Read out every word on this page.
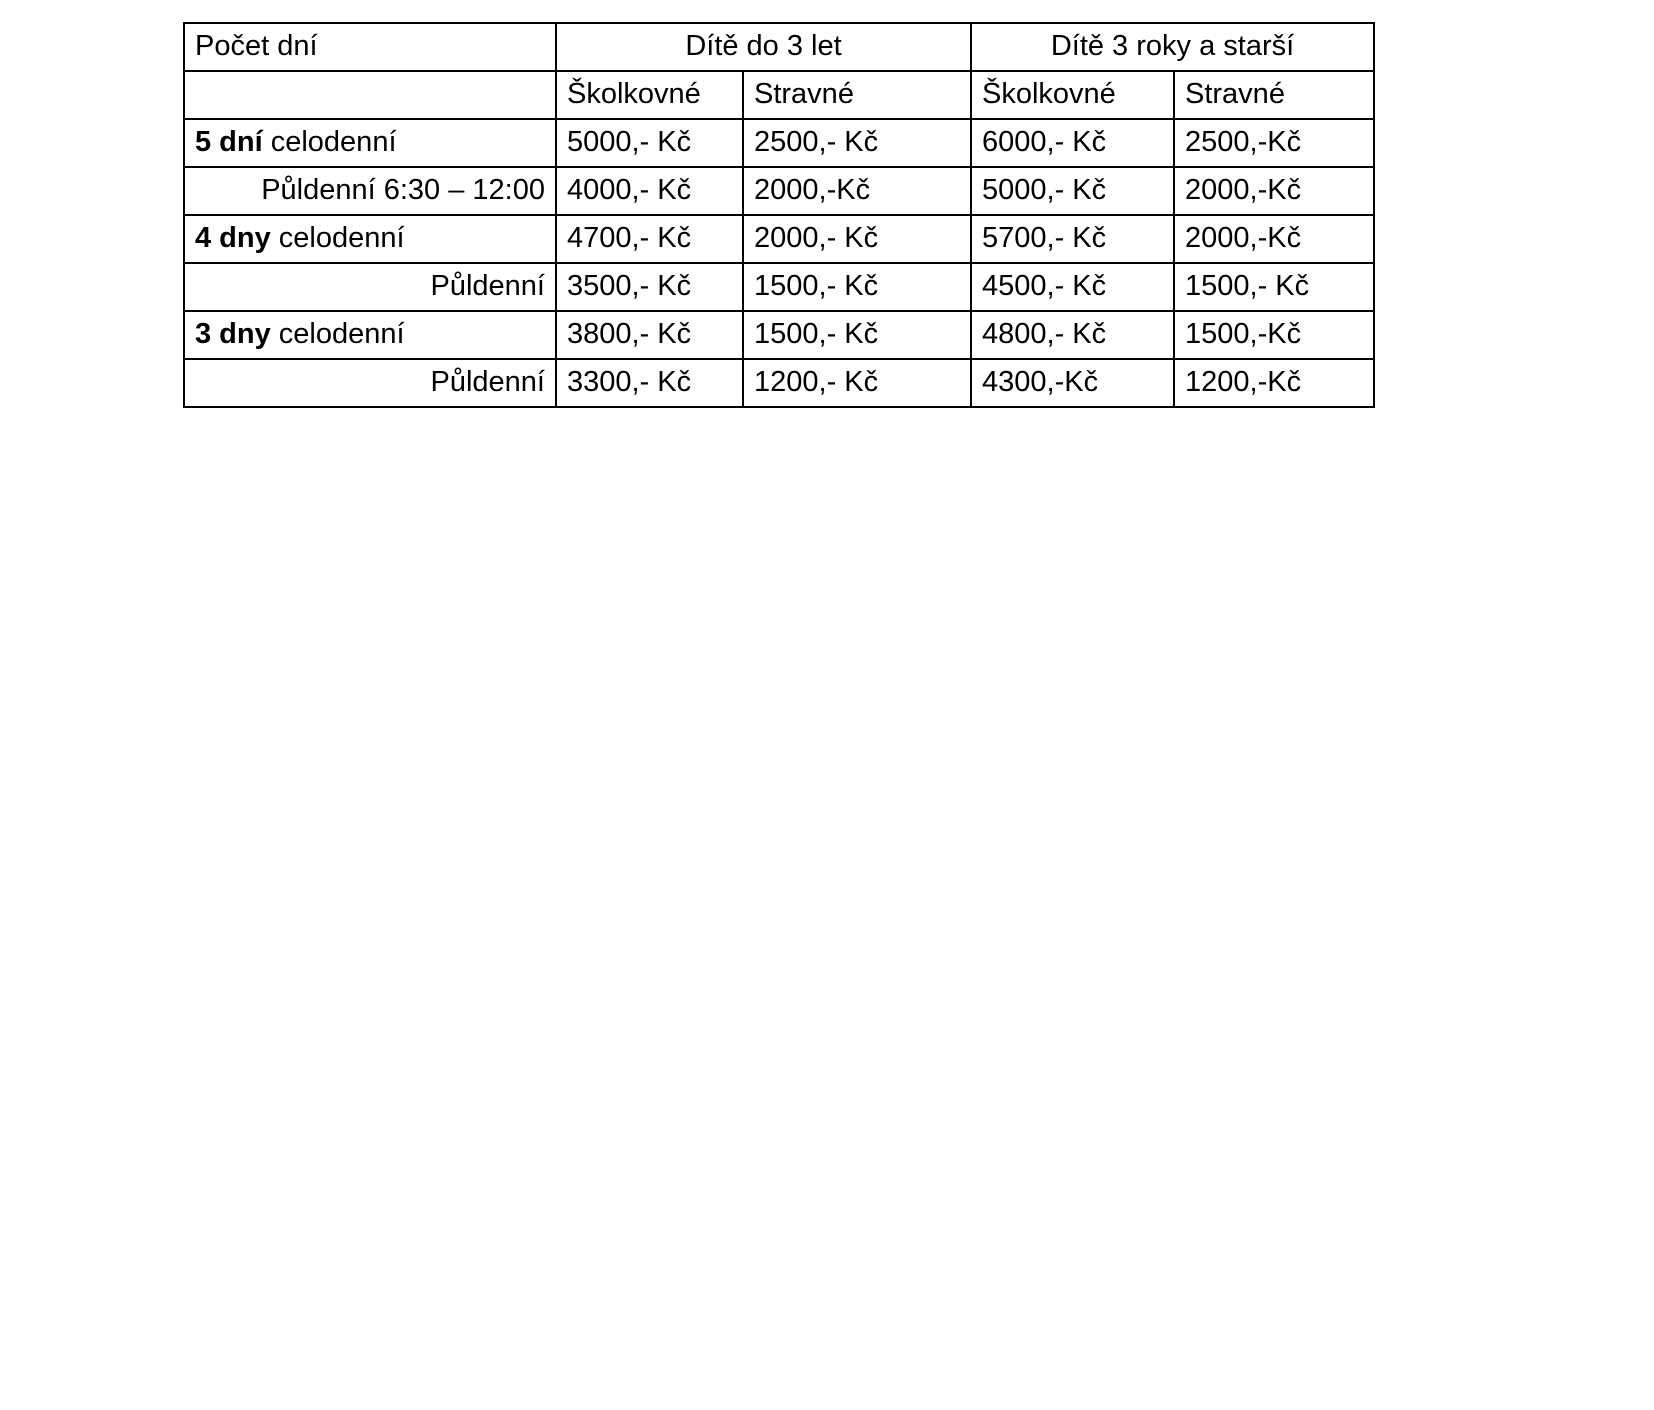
Počet dní	Dítě do 3 let		Dítě 3 roky a starší	
	Školkovné	Stravné	Školkovné	Stravné
5 dní celodenní	5000,- Kč	2500,- Kč	6000,- Kč	2500,-Kč
Půldenní 6:30 – 12:00	4000,- Kč	2000,-Kč	5000,- Kč	2000,-Kč
4 dny celodenní	4700,- Kč	2000,- Kč	5700,- Kč	2000,-Kč
Půldenní	3500,- Kč	1500,- Kč	4500,- Kč	1500,- Kč
3 dny celodenní	3800,- Kč	1500,- Kč	4800,- Kč	1500,-Kč
Půldenní	3300,- Kč	1200,- Kč	4300,-Kč	1200,-Kč
